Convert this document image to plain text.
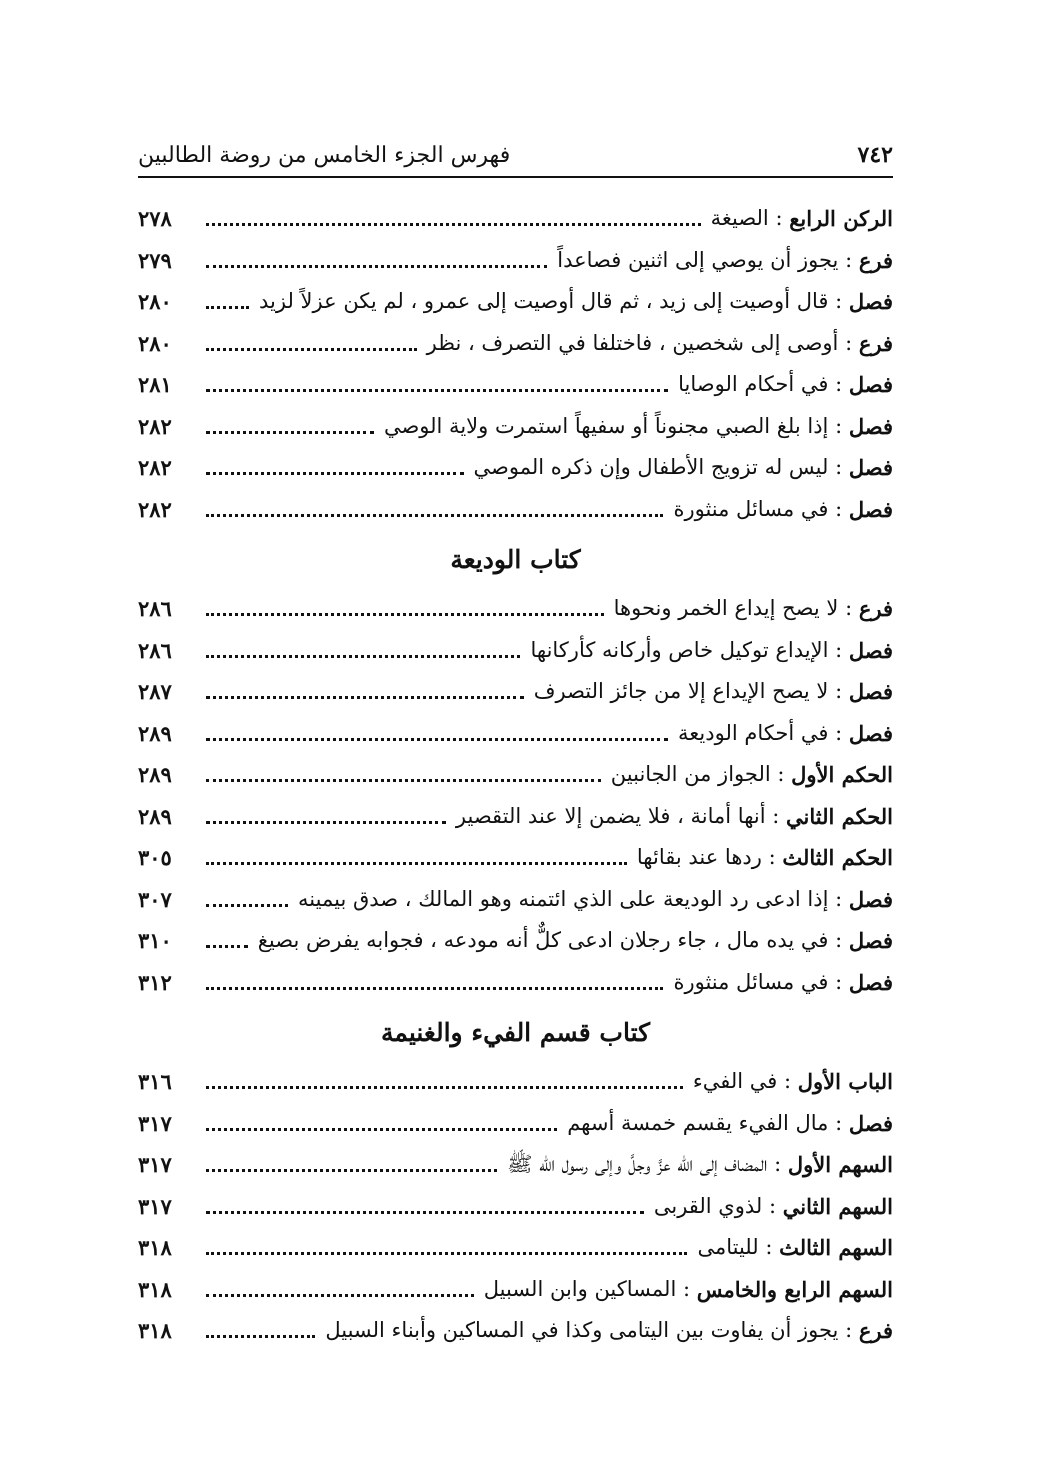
٧٤٢
فهرس الجزء الخامس من روضة الطالبين
الركن الرابع
:
الصيغة
٢٧٨
فرع
:
يجوز أن يوصي إلى اثنين فصاعداً
٢٧٩
فصل
:
قال أوصيت إلى زيد ، ثم قال أوصيت إلى عمرو ، لم يكن عزلاً لزيد
٢٨٠
فرع
:
أوصى إلى شخصين ، فاختلفا في التصرف ، نظر
٢٨٠
فصل
:
في أحكام الوصايا
٢٨١
فصل
:
إذا بلغ الصبي مجنوناً أو سفيهاً استمرت ولاية الوصي
٢٨٢
فصل
:
ليس له تزويج الأطفال وإن ذكره الموصي
٢٨٢
فصل
:
في مسائل منثورة
٢٨٢
كتاب الوديعة
فرع
:
لا يصح إيداع الخمر ونحوها
٢٨٦
فصل
:
الإيداع توكيل خاص وأركانه كأركانها
٢٨٦
فصل
:
لا يصح الإيداع إلا من جائز التصرف
٢٨٧
فصل
:
في أحكام الوديعة
٢٨٩
الحكم الأول
:
الجواز من الجانبين
٢٨٩
الحكم الثاني
:
أنها أمانة ، فلا يضمن إلا عند التقصير
٢٨٩
الحكم الثالث
:
ردها عند بقائها
٣٠٥
فصل
:
إذا ادعى رد الوديعة على الذي ائتمنه وهو المالك ، صدق بيمينه
٣٠٧
فصل
:
في يده مال ، جاء رجلان ادعى كلٌّ أنه مودعه ، فجوابه يفرض بصيغ
٣١٠
فصل
:
في مسائل منثورة
٣١٢
كتاب قسم الفيء والغنيمة
الباب الأول
:
في الفيء
٣١٦
فصل
:
مال الفيء يقسم خمسة أسهم
٣١٧
السهم الأول
:
المضاف إلى الله عزَّ وجلَّ وإلى رسول الله ﷺ
٣١٧
السهم الثاني
:
لذوي القربى
٣١٧
السهم الثالث
:
لليتامى
٣١٨
السهم الرابع والخامس
:
المساكين وابن السبيل
٣١٨
فرع
:
يجوز أن يفاوت بين اليتامى وكذا في المساكين وأبناء السبيل
٣١٨
